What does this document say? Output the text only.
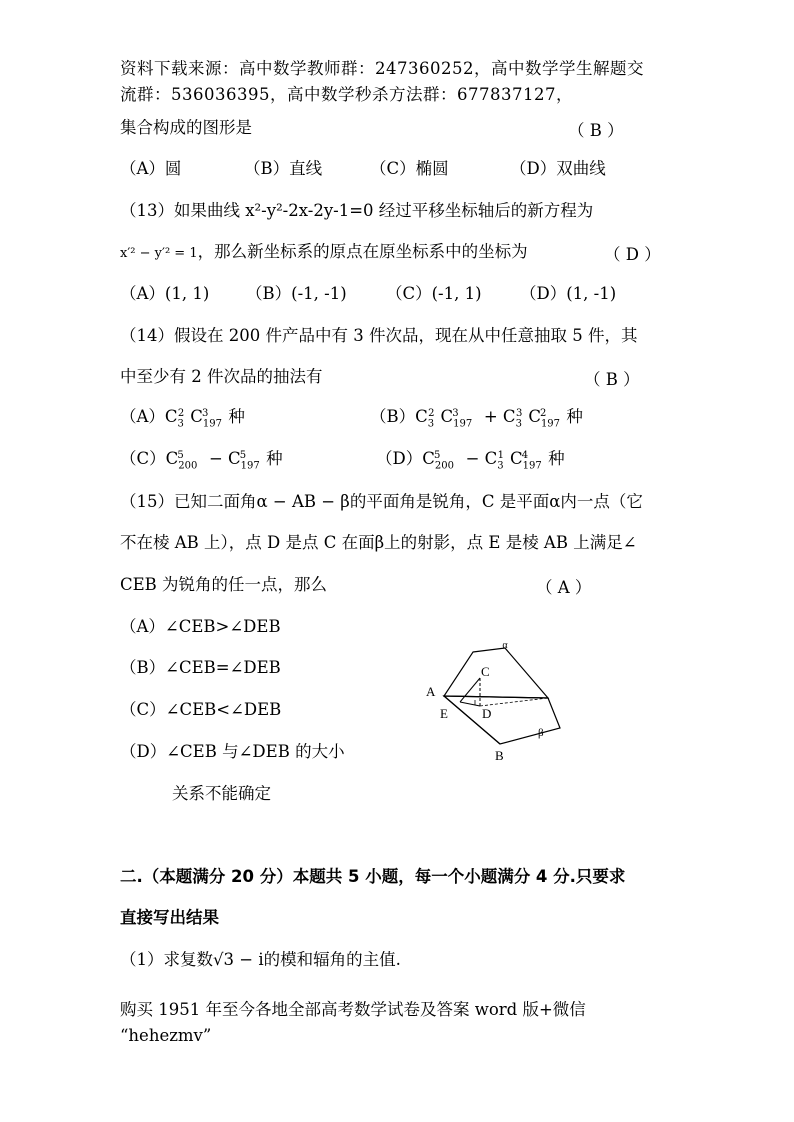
资料下载来源：高中数学教师群：247360252，高中数学学生解题交
流群：536036395，高中数学秒杀方法群：677837127，
集合构成的图形是	（ B ）
（A）圆	（B）直线	（C）椭圆	（D）双曲线
（13）如果曲线 x²-y²-2x-2y-1=0 经过平移坐标轴后的新方程为
x′² − y′² = 1，那么新坐标系的原点在原坐标系中的坐标为	（ D ）
（A）(1, 1) （B）(-1, -1) （C）(-1, 1) （D）(1, -1)
（14）假设在 200 件产品中有 3 件次品，现在从中任意抽取 5 件，其
中至少有 2 件次品的抽法有	（ B ）
$(A)C_3^2$ $C_{197}^3$ 种	$(B)C_3^2$ $C_{197}^3 + C_3^3$ $C_{197}^2$ 种
$(C)C_{200}^5 - C_{197}^5$ 种	$(D)C_{200}^5 - C_3^1$ $C_{197}^4$ 种
（15）已知二面角α − AB − β的平面角是锐角，C 是平面α内一点（它
不在棱 AB 上），点 D 是点 C 在面β上的射影，点 E 是棱 AB 上满足∠
CEB 为锐角的任一点，那么	（ A ）
（A）∠CEB>∠DEB
（B）∠CEB=∠DEB
（C）∠CEB<∠DEB
（D）∠CEB 与∠DEB 的大小
关系不能确定
α
β
A
B
C
D
E
二.（本题满分 20 分）本题共 5 小题，每一个小题满分 4 分.只要求
直接写出结果
（1）求复数√3 − i的模和辐角的主值.
购买 1951 年至今各地全部高考数学试卷及答案 word 版+微信
“hehezmv”
